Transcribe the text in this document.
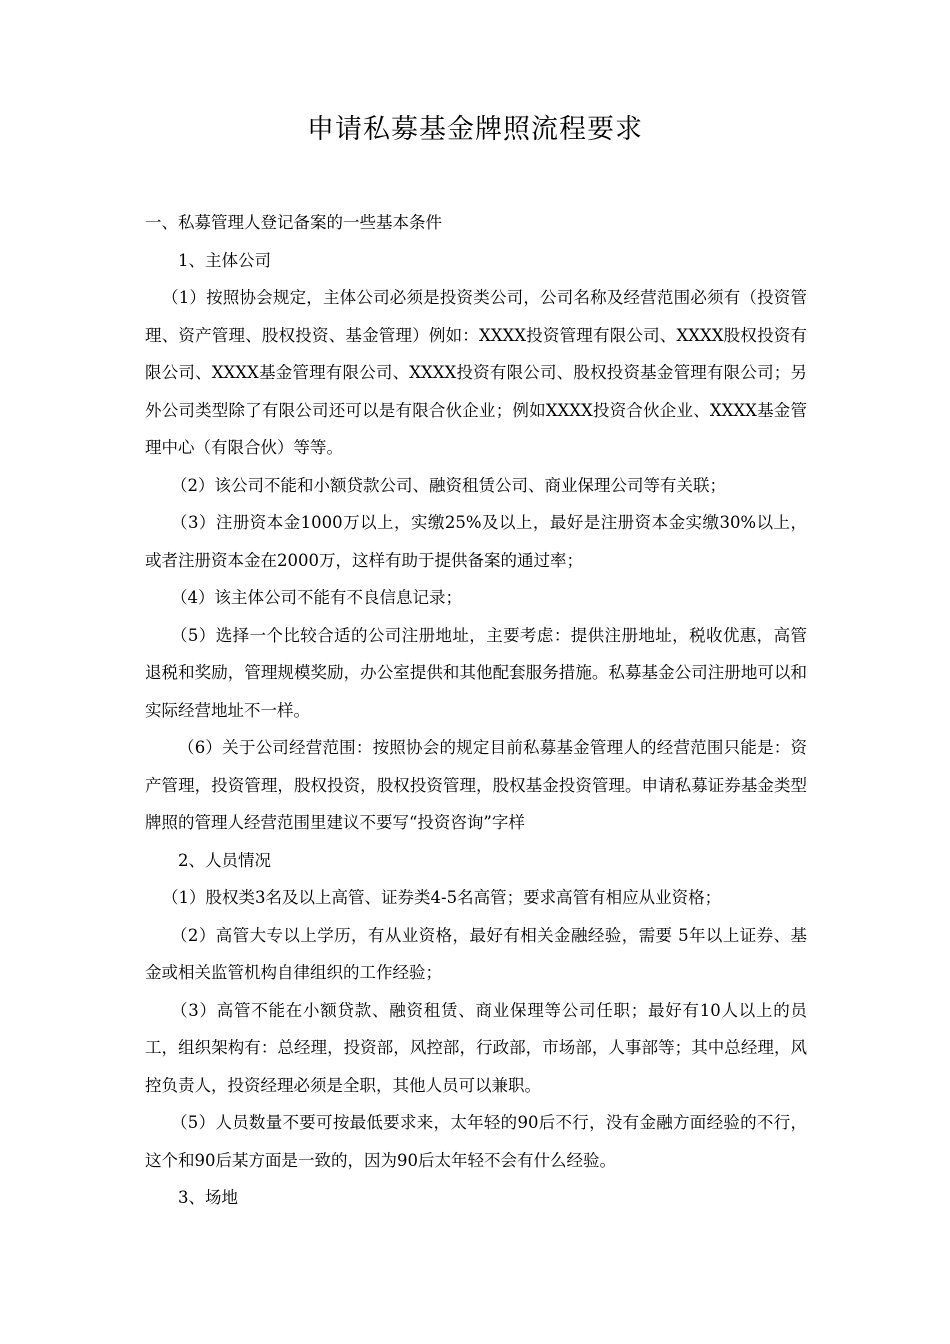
申请私募基金牌照流程要求

一、私募管理人登记备案的一些基本条件

1、主体公司

（1）按照协会规定，主体公司必须是投资类公司，公司名称及经营范围必须有（投资管理、资产管理、股权投资、基金管理）例如：XXXX投资管理有限公司、XXXX股权投资有限公司、XXXX基金管理有限公司、XXXX投资有限公司、股权投资基金管理有限公司；另外公司类型除了有限公司还可以是有限合伙企业；例如XXXX投资合伙企业、XXXX基金管理中心（有限合伙）等等。

（2）该公司不能和小额贷款公司、融资租赁公司、商业保理公司等有关联；

（3）注册资本金1000万以上，实缴25%及以上，最好是注册资本金实缴30%以上，或者注册资本金在2000万，这样有助于提供备案的通过率；

（4）该主体公司不能有不良信息记录；

（5）选择一个比较合适的公司注册地址，主要考虑：提供注册地址，税收优惠，高管退税和奖励，管理规模奖励，办公室提供和其他配套服务措施。私募基金公司注册地可以和实际经营地址不一样。

（6）关于公司经营范围：按照协会的规定目前私募基金管理人的经营范围只能是：资产管理，投资管理，股权投资，股权投资管理，股权基金投资管理。申请私募证券基金类型牌照的管理人经营范围里建议不要写“投资咨询”字样

2、人员情况

（1）股权类3名及以上高管、证券类4-5名高管；要求高管有相应从业资格；

（2）高管大专以上学历，有从业资格，最好有相关金融经验，需要 5年以上证券、基金或相关监管机构自律组织的工作经验；

（3）高管不能在小额贷款、融资租赁、商业保理等公司任职；最好有10人以上的员工，组织架构有：总经理，投资部，风控部，行政部，市场部，人事部等；其中总经理，风控负责人，投资经理必须是全职，其他人员可以兼职。

（5）人员数量不要可按最低要求来，太年轻的90后不行，没有金融方面经验的不行，这个和90后某方面是一致的，因为90后太年轻不会有什么经验。

3、场地
